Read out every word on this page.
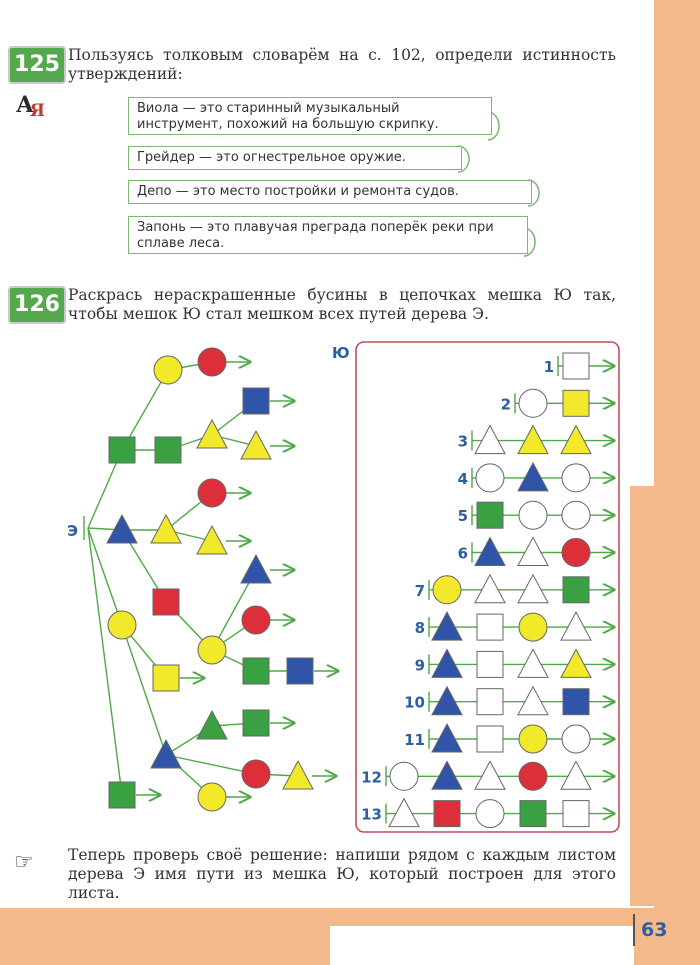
63
125 Пользуясь толковым словарём на с. 102, определи истинность утверждений:
АЯ	Виола — это старинный музыкальный инструмент, похожий на большую скрипку.
Грейдер — это огнестрельное оружие.
Депо — это место постройки и ремонта судов.
Запонь — это плавучая преграда поперёк реки при сплаве леса.
126 Раскрась нераскрашенные бусины в цепочках мешка Ю так, чтобы мешок Ю стал мешком всех путей дерева Э.
Э
Ю
1
2
3
4
5
6
7
8
9
10
11
12
13
☞ Теперь проверь своё решение: напиши рядом с каждым листом дерева Э имя пути из мешка Ю, который построен для этого листа.
